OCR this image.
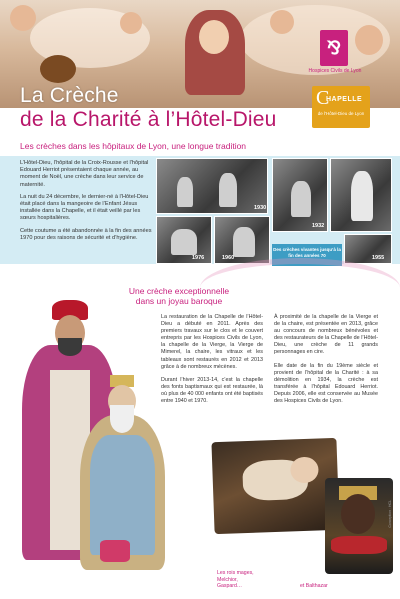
⅋
Hospices Civils de Lyon
C
HAPELLE
de l’Hôtel-Dieu de Lyon
La Crèche
de la Charité à l’Hôtel-Dieu
Les crèches dans les hôpitaux de Lyon, une longue tradition

L’Hôtel-Dieu, l’hôpital de la Croix-Rousse et l’hôpital Edouard Herriot présentaient chaque année, au moment de Noël, une crèche dans leur service de maternité.

La nuit du 24 décembre, le dernier-né à l’Hôtel-Dieu était placé dans la mangeoire de l’Enfant Jésus installée dans la Chapelle, et il était veillé par les sœurs hospitalières.

Cette coutume a été abandonnée à la fin des années 1970 pour des raisons de sécurité et d’hygiène.

1930
1932
1976	1960	1955
Des crèches vivantes jusqu’à la fin des années 70
Une crèche exceptionnelle
dans un joyau baroque

La restauration de la Chapelle de l’Hôtel-Dieu a débuté en 2011. Après des premiers travaux sur le clos et le couvert entrepris par les Hospices Civils de Lyon, la chapelle de la Vierge, la Vierge de Mimerel, la chaire, les vitraux et les tableaux sont restaurés en 2012 et 2013 grâce à de nombreux mécènes.

Durant l’hiver 2013-14, c’est la chapelle des fonts baptismaux qui est restaurée, là où plus de 40 000 enfants ont été baptisés entre 1940 et 1970.

À proximité de la chapelle de la Vierge et de la chaire, est présentée en 2013, grâce au concours de nombreux bénévoles et des restaurateurs de la Chapelle de l’Hôtel-Dieu, une crèche de 11 grands personnages en cire.

Elle date de la fin du 19ème siècle et provient de l’hôpital de la Charité : à sa démolition en 1934, la crèche est transférée à l’hôpital Edouard Herriot. Depuis 2006, elle est conservée au Musée des Hospices Civils de Lyon.

Les rois mages,
Melchior,
Gaspard…	et Balthazar
Conception : HCL
